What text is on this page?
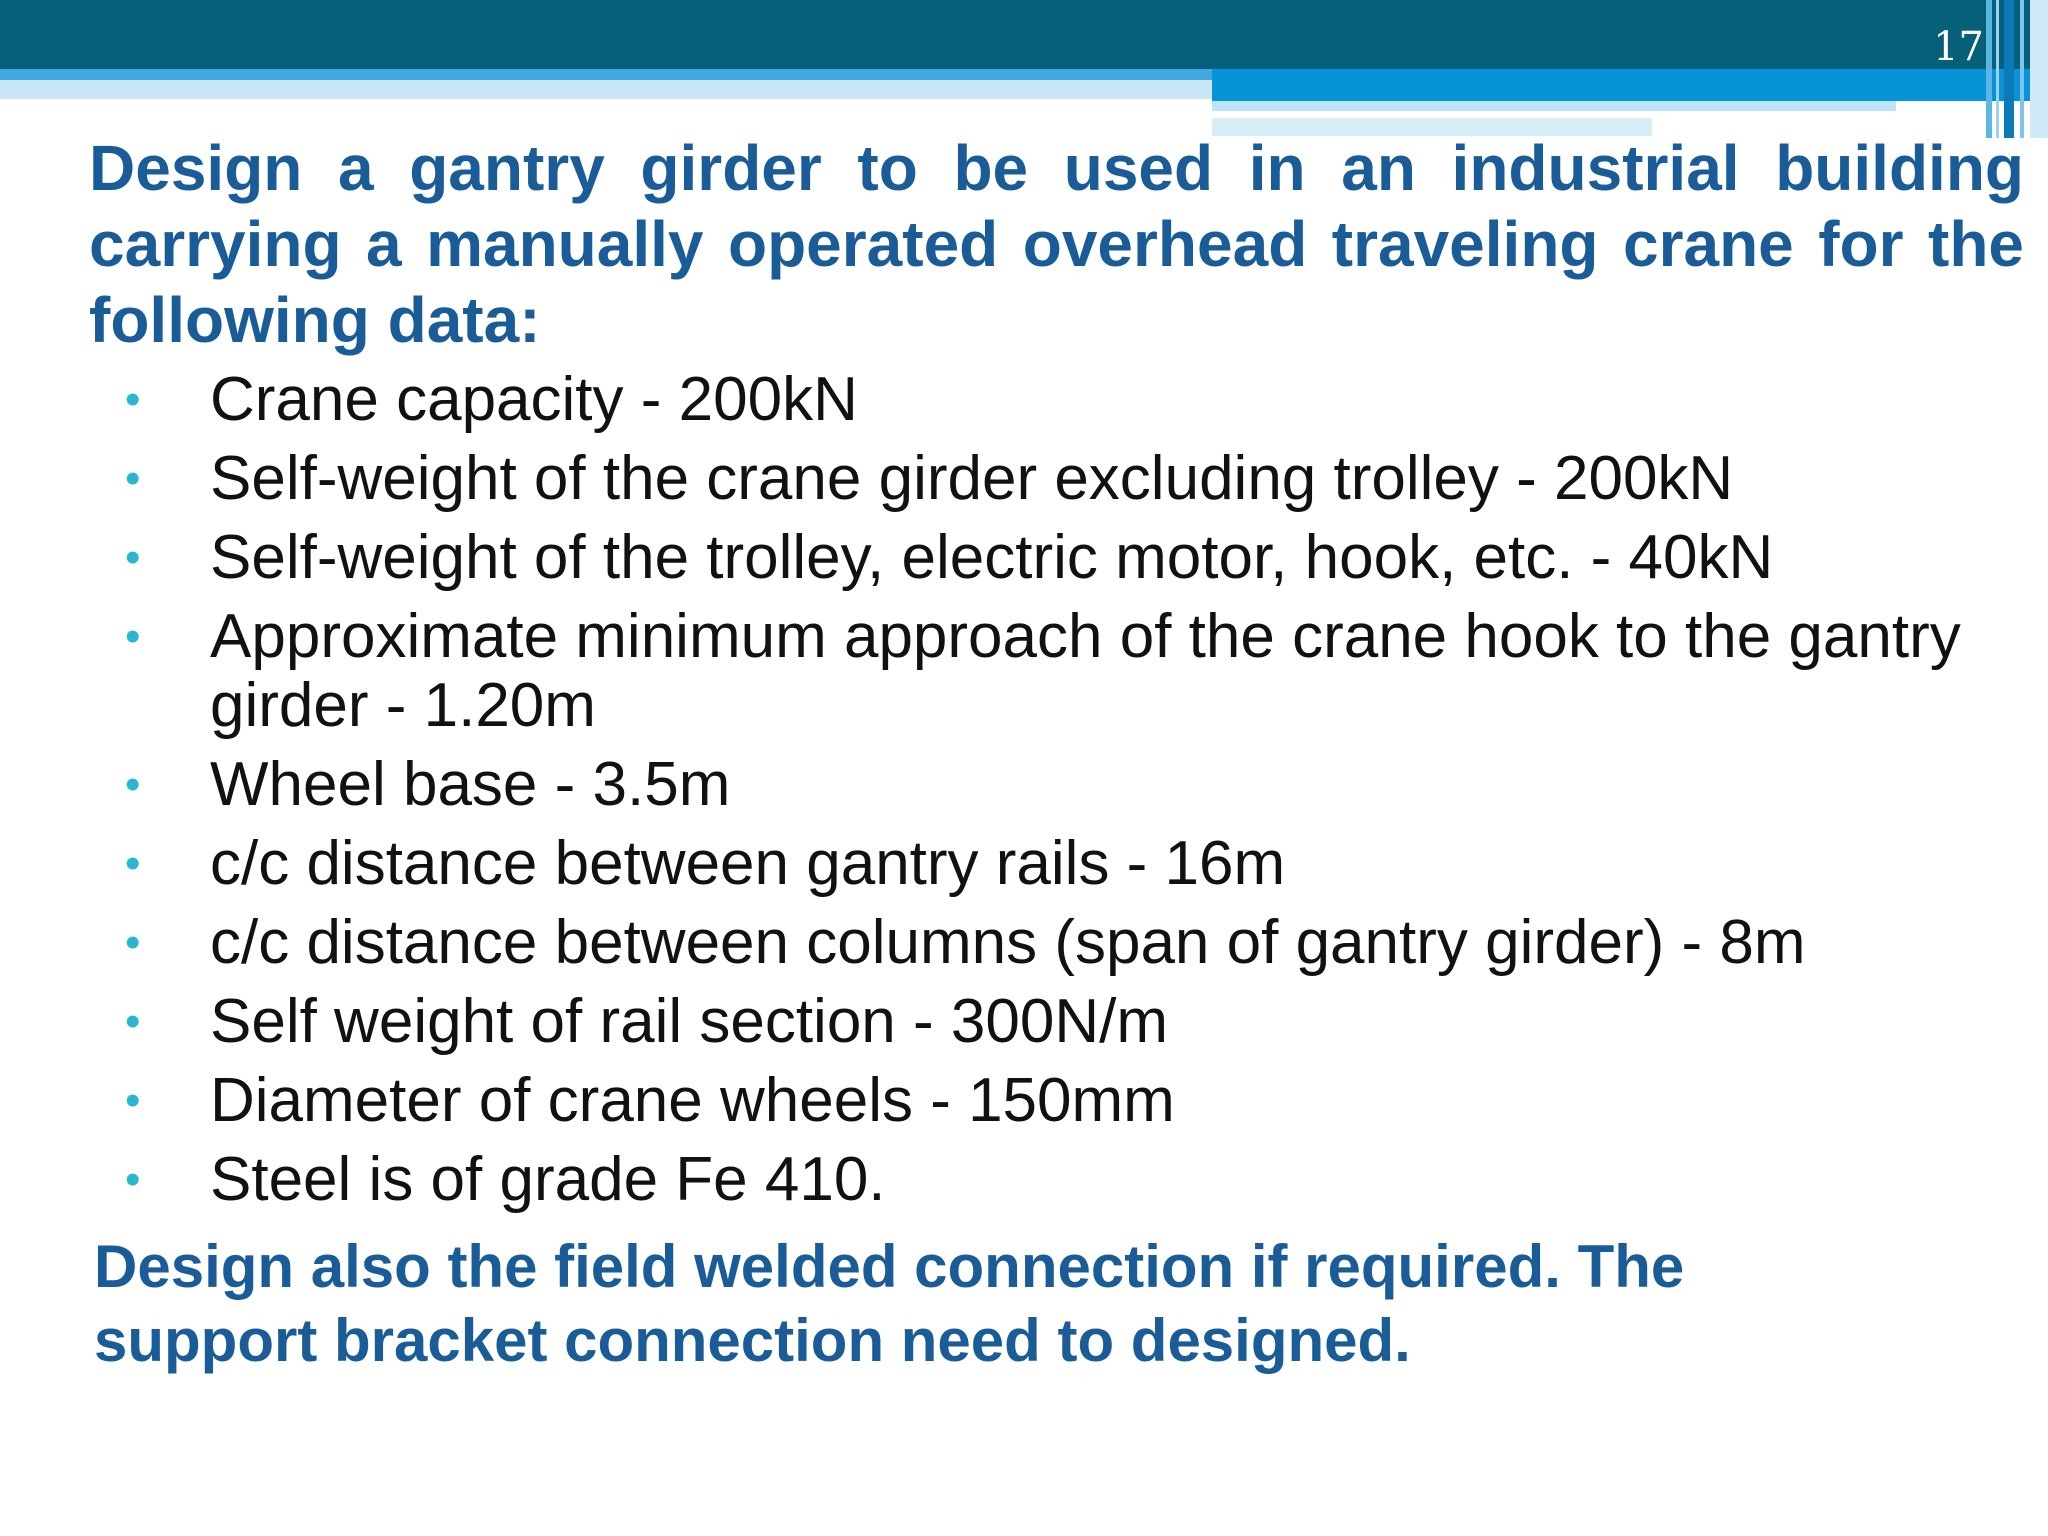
17

Design a gantry girder to be used in an industrial building carrying a manually operated overhead traveling crane for the following data:

•	Crane capacity - 200kN
•	Self-weight of the crane girder excluding trolley - 200kN
•	Self-weight of the trolley, electric motor, hook, etc. - 40kN
•	Approximate minimum approach of the crane hook to the gantry girder - 1.20m
•	Wheel base - 3.5m
•	c/c distance between gantry rails - 16m
•	c/c distance between columns (span of gantry girder) - 8m
•	Self weight of rail section - 300N/m
•	Diameter of crane wheels - 150mm
•	Steel is of grade Fe 410.
Design also the field welded connection if required. The
support bracket connection need to designed.
